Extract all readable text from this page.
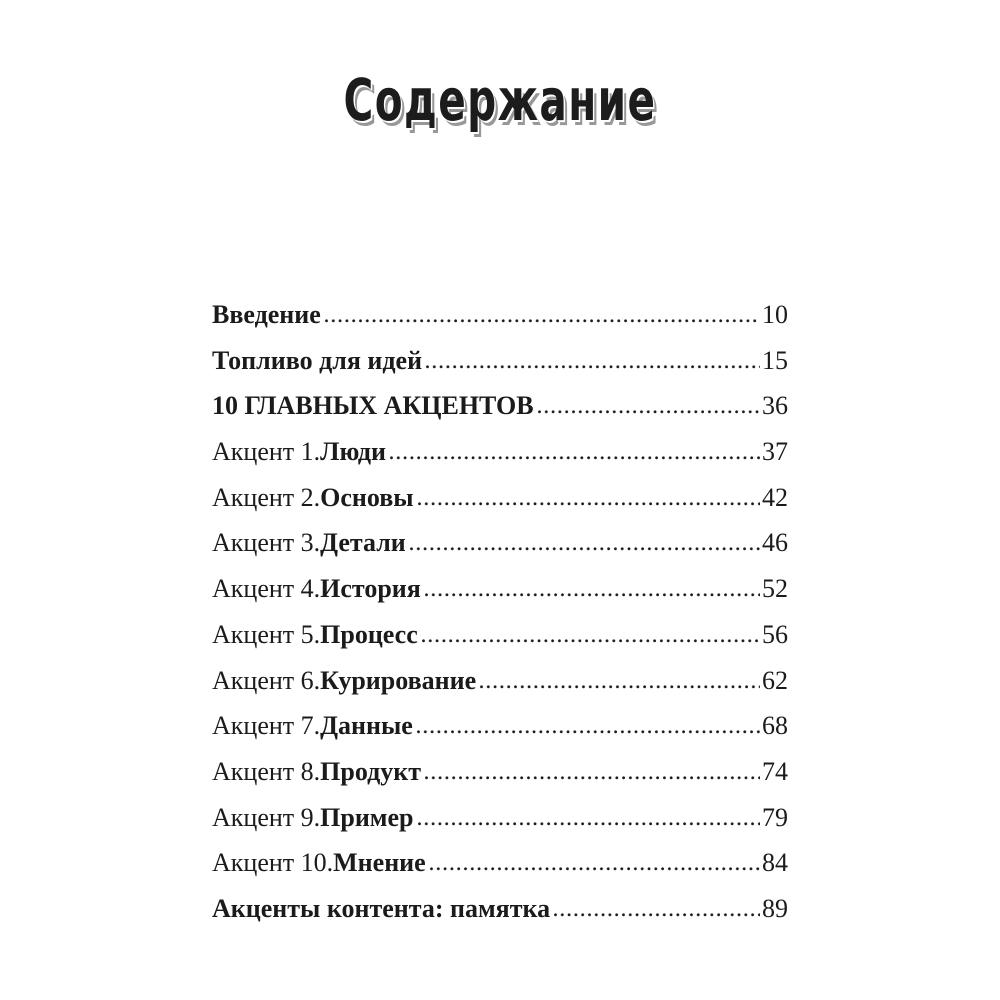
Содержание
Введение	10
Топливо для идей	15
10 ГЛАВНЫХ АКЦЕНТОВ	36
Акцент 1. Люди	37
Акцент 2. Основы	42
Акцент 3. Детали	46
Акцент 4. История	52
Акцент 5. Процесс	56
Акцент 6. Курирование	62
Акцент 7. Данные	68
Акцент 8. Продукт	74
Акцент 9. Пример	79
Акцент 10. Мнение	84
Акценты контента: памятка	89
